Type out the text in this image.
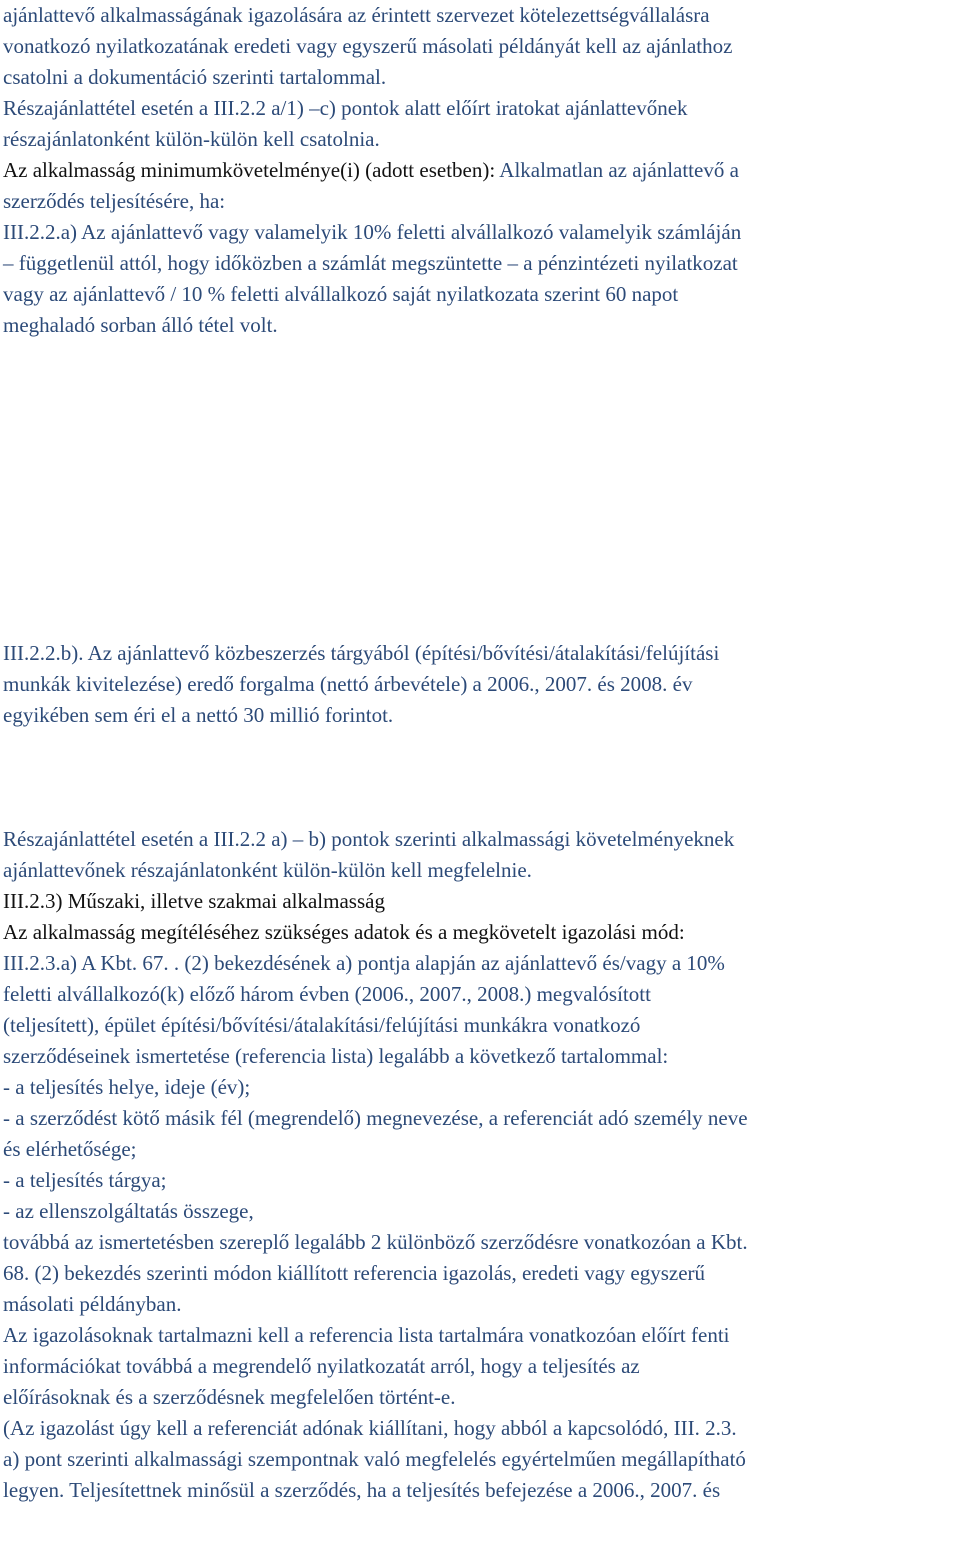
ajánlattevő alkalmasságának igazolására az érintett szervezet kötelezettségvállalásra
vonatkozó nyilatkozatának eredeti vagy egyszerű másolati példányát kell az ajánlathoz
csatolni a dokumentáció szerinti tartalommal.
Részajánlattétel esetén a III.2.2 a/1) –c) pontok alatt előírt iratokat ajánlattevőnek
részajánlatonként külön-külön kell csatolnia.
Az alkalmasság minimumkövetelménye(i) (adott esetben): Alkalmatlan az ajánlattevő a
szerződés teljesítésére, ha:
III.2.2.a) Az ajánlattevő vagy valamelyik 10% feletti alvállalkozó valamelyik számláján
– függetlenül attól, hogy időközben a számlát megszüntette – a pénzintézeti nyilatkozat
vagy az ajánlattevő / 10 % feletti alvállalkozó saját nyilatkozata szerint 60 napot
meghaladó sorban álló tétel volt.
III.2.2.b). Az ajánlattevő közbeszerzés tárgyából (építési/bővítési/átalakítási/felújítási
munkák kivitelezése) eredő forgalma (nettó árbevétele) a 2006., 2007. és 2008. év
egyikében sem éri el a nettó 30 millió forintot.
Részajánlattétel esetén a III.2.2 a) – b) pontok szerinti alkalmassági követelményeknek
ajánlattevőnek részajánlatonként külön-külön kell megfelelnie.
III.2.3) Műszaki, illetve szakmai alkalmasság
Az alkalmasság megítéléséhez szükséges adatok és a megkövetelt igazolási mód:
III.2.3.a) A Kbt. 67. . (2) bekezdésének a) pontja alapján az ajánlattevő és/vagy a 10%
feletti alvállalkozó(k) előző három évben (2006., 2007., 2008.) megvalósított
(teljesített), épület építési/bővítési/átalakítási/felújítási munkákra vonatkozó
szerződéseinek ismertetése (referencia lista) legalább a következő tartalommal:
- a teljesítés helye, ideje (év);
- a szerződést kötő másik fél (megrendelő) megnevezése, a referenciát adó személy neve
és elérhetősége;
- a teljesítés tárgya;
- az ellenszolgáltatás összege,
továbbá az ismertetésben szereplő legalább 2 különböző szerződésre vonatkozóan a Kbt.
68. (2) bekezdés szerinti módon kiállított referencia igazolás, eredeti vagy egyszerű
másolati példányban.
Az igazolásoknak tartalmazni kell a referencia lista tartalmára vonatkozóan előírt fenti
információkat továbbá a megrendelő nyilatkozatát arról, hogy a teljesítés az
előírásoknak és a szerződésnek megfelelően történt-e.
(Az igazolást úgy kell a referenciát adónak kiállítani, hogy abból a kapcsolódó, III. 2.3.
a) pont szerinti alkalmassági szempontnak való megfelelés egyértelműen megállapítható
legyen. Teljesítettnek minősül a szerződés, ha a teljesítés befejezése a 2006., 2007. és
